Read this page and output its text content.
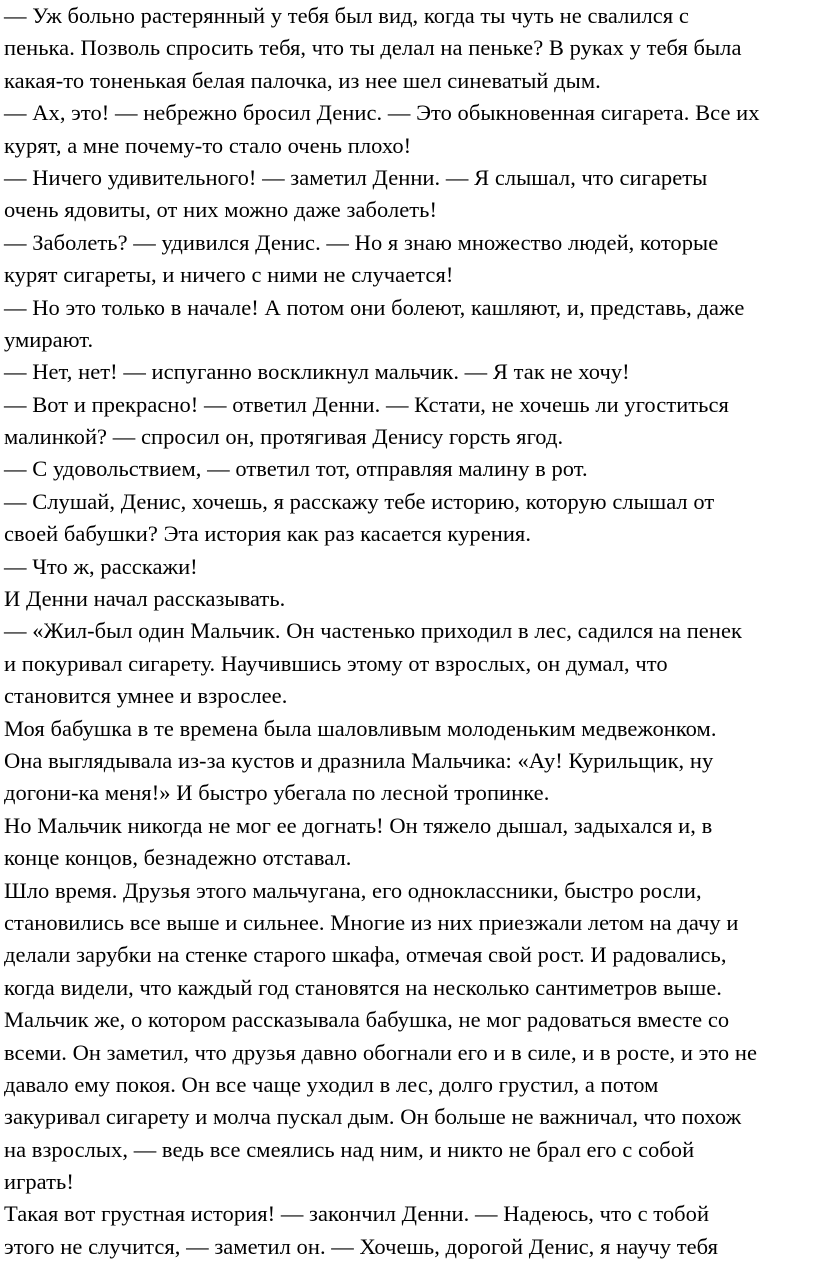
— Уж больно растерянный у тебя был вид, когда ты чуть не свалился с
пенька. Позволь спросить тебя, что ты делал на пеньке? В руках у тебя была
какая-то тоненькая белая палочка, из нее шел синеватый дым.
— Ах, это! — небрежно бросил Денис. — Это обыкновенная сигарета. Все их
курят, а мне почему-то стало очень плохо!
— Ничего удивительного! — заметил Денни. — Я слышал, что сигареты
очень ядовиты, от них можно даже заболеть!
— Заболеть? — удивился Денис. — Но я знаю множество людей, которые
курят сигареты, и ничего с ними не случается!
— Но это только в начале! А потом они болеют, кашляют, и, представь, даже
умирают.
— Нет, нет! — испуганно воскликнул мальчик. — Я так не хочу!
— Вот и прекрасно! — ответил Денни. — Кстати, не хочешь ли угоститься
малинкой? — спросил он, протягивая Денису горсть ягод.
— С удовольствием, — ответил тот, отправляя малину в рот.
— Слушай, Денис, хочешь, я расскажу тебе историю, которую слышал от
своей бабушки? Эта история как раз касается курения.
— Что ж, расскажи!
И Денни начал рассказывать.
— «Жил-был один Мальчик. Он частенько приходил в лес, садился на пенек
и покуривал сигарету. Научившись этому от взрослых, он думал, что
становится умнее и взрослее.
Моя бабушка в те времена была шаловливым молоденьким медвежонком.
Она выглядывала из-за кустов и дразнила Мальчика: «Ау! Курильщик, ну
догони-ка меня!» И быстро убегала по лесной тропинке.
Но Мальчик никогда не мог ее догнать! Он тяжело дышал, задыхался и, в
конце концов, безнадежно отставал.
Шло время. Друзья этого мальчугана, его одноклассники, быстро росли,
становились все выше и сильнее. Многие из них приезжали летом на дачу и
делали зарубки на стенке старого шкафа, отмечая свой рост. И радовались,
когда видели, что каждый год становятся на несколько сантиметров выше.
Мальчик же, о котором рассказывала бабушка, не мог радоваться вместе со
всеми. Он заметил, что друзья давно обогнали его и в силе, и в росте, и это не
давало ему покоя. Он все чаще уходил в лес, долго грустил, а потом
закуривал сигарету и молча пускал дым. Он больше не важничал, что похож
на взрослых, — ведь все смеялись над ним, и никто не брал его с собой
играть!
Такая вот грустная история! — закончил Денни. — Надеюсь, что с тобой
этого не случится, — заметил он. — Хочешь, дорогой Денис, я научу тебя
